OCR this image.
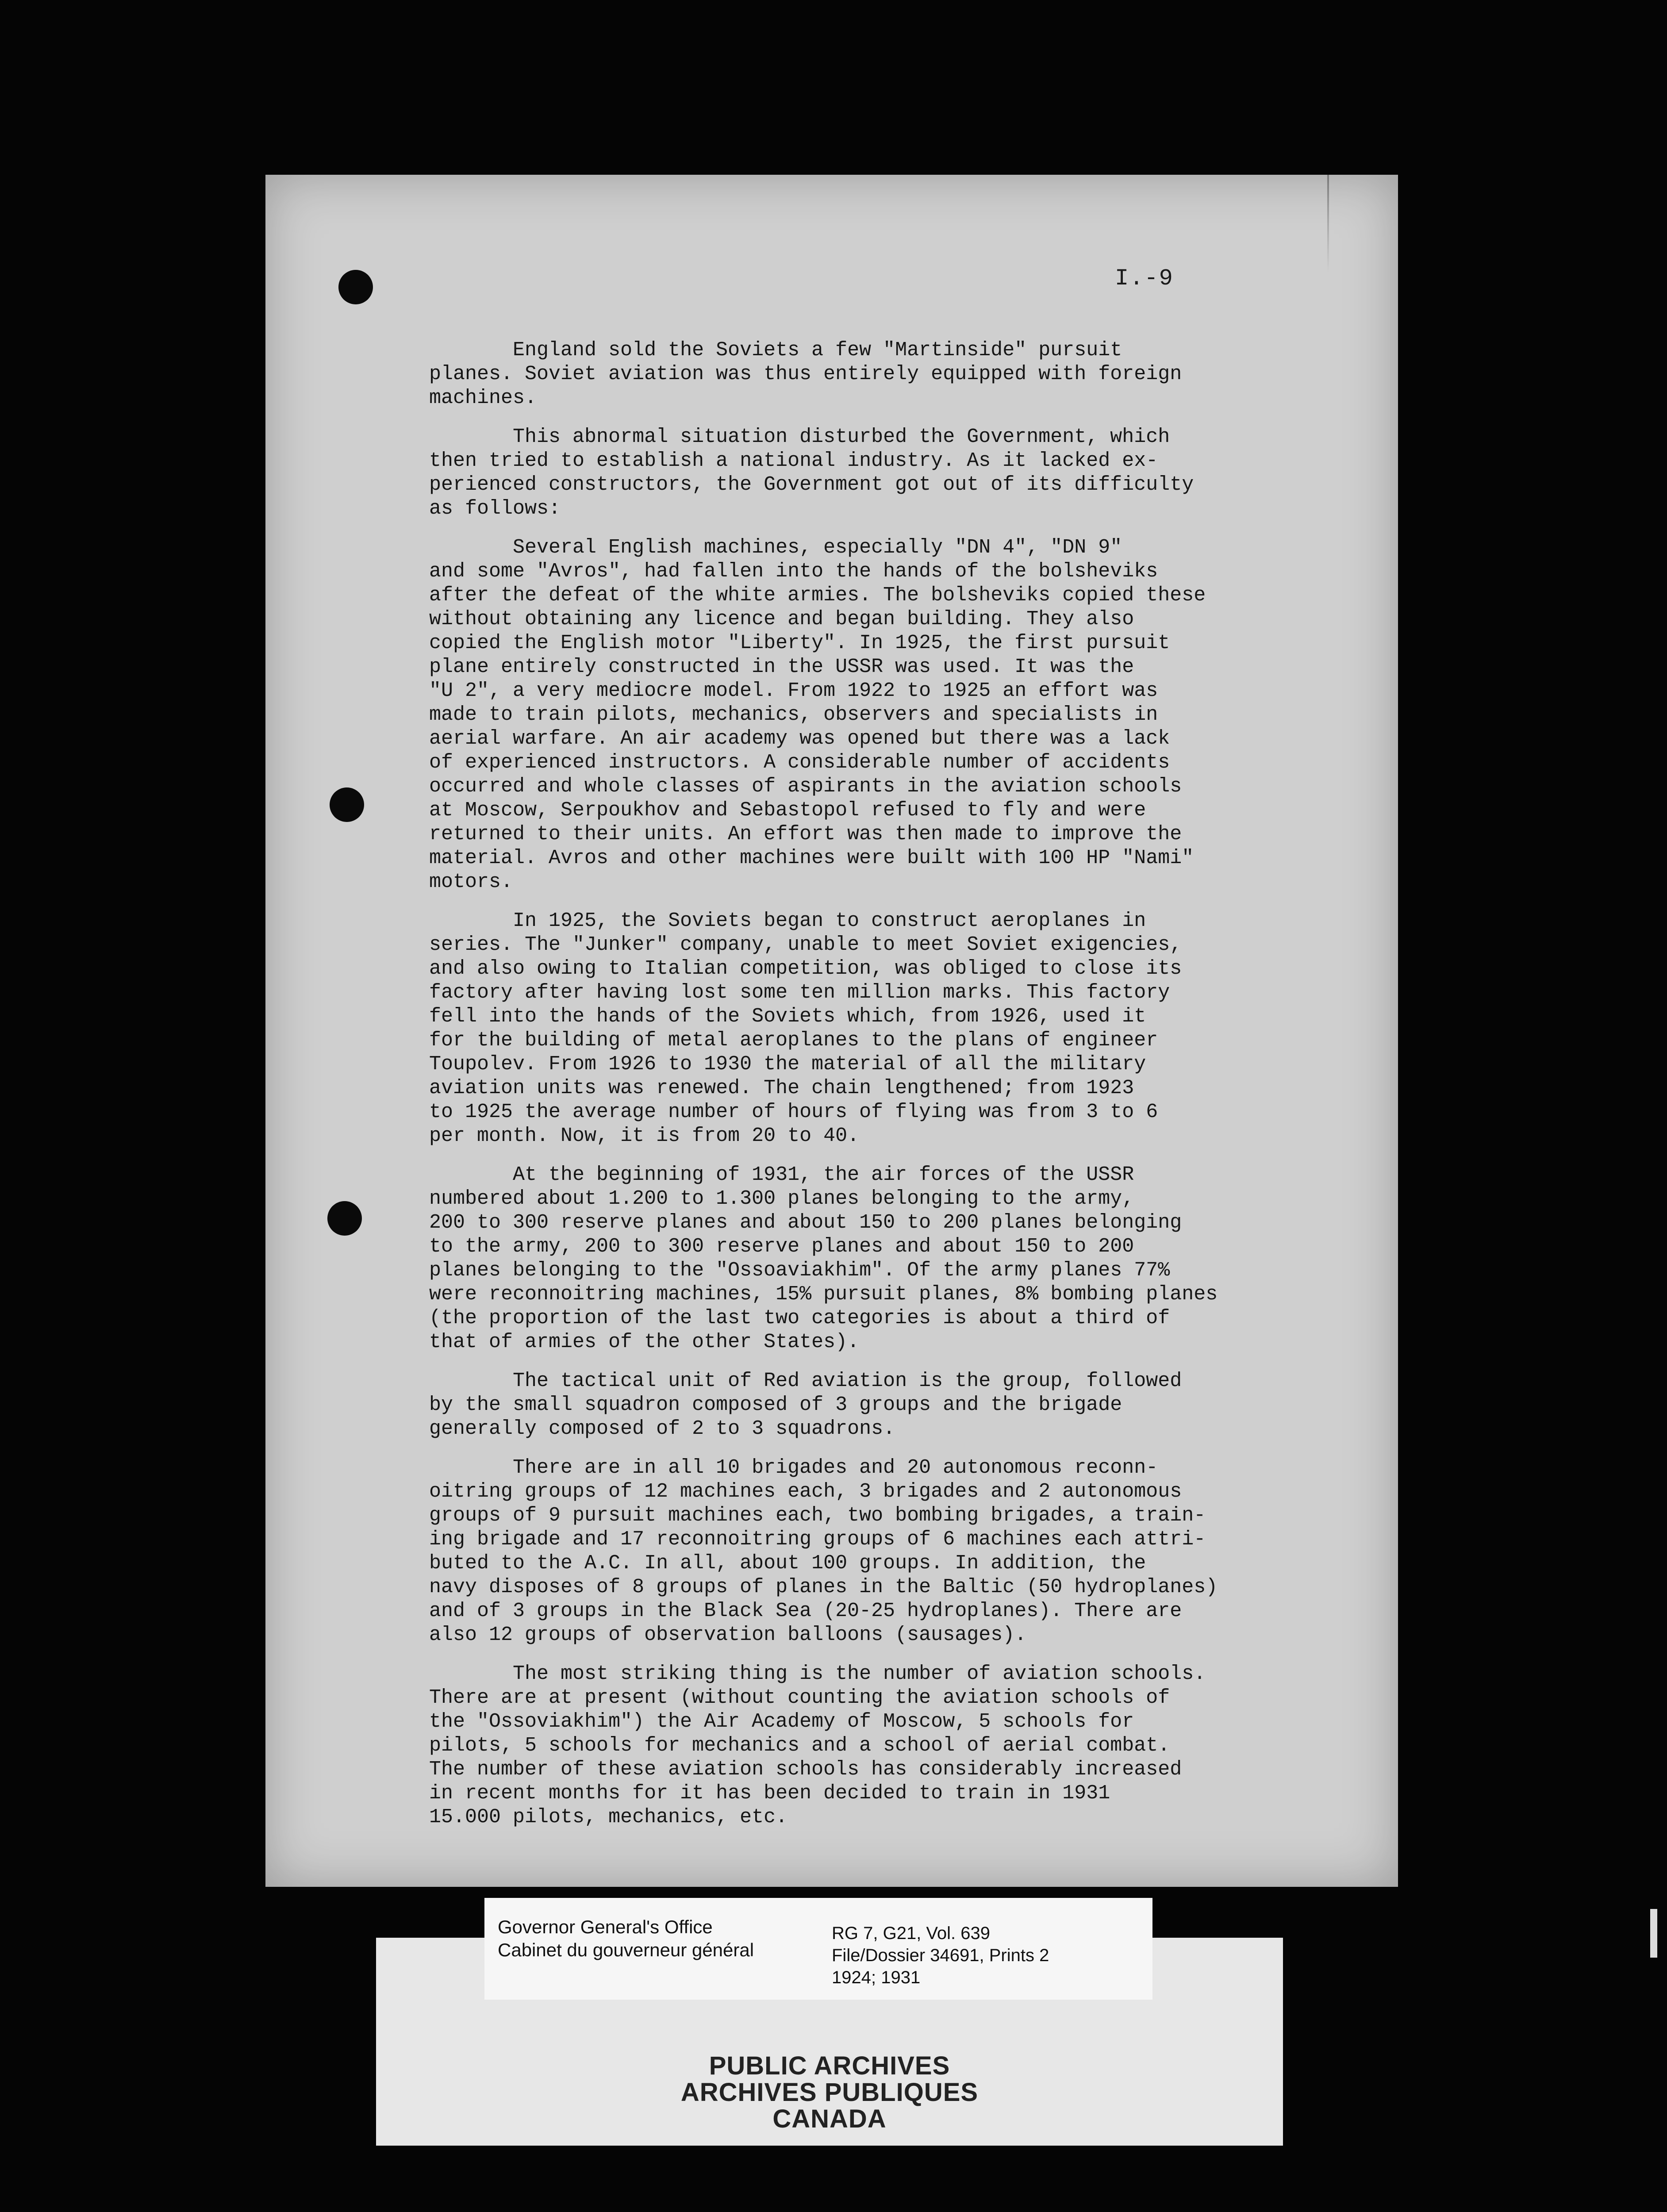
I.-9

England sold the Soviets a few "Martinside" pursuit
planes. Soviet aviation was thus entirely equipped with foreign
machines.

This abnormal situation disturbed the Government, which
then tried to establish a national industry. As it lacked ex-
perienced constructors, the Government got out of its difficulty
as follows:

Several English machines, especially "DN 4", "DN 9"
and some "Avros", had fallen into the hands of the bolsheviks
after the defeat of the white armies. The bolsheviks copied these
without obtaining any licence and began building. They also
copied the English motor "Liberty". In 1925, the first pursuit
plane entirely constructed in the USSR was used. It was the
"U 2", a very mediocre model. From 1922 to 1925 an effort was
made to train pilots, mechanics, observers and specialists in
aerial warfare. An air academy was opened but there was a lack
of experienced instructors. A considerable number of accidents
occurred and whole classes of aspirants in the aviation schools
at Moscow, Serpoukhov and Sebastopol refused to fly and were
returned to their units. An effort was then made to improve the
material. Avros and other machines were built with 100 HP "Nami"
motors.

In 1925, the Soviets began to construct aeroplanes in
series. The "Junker" company, unable to meet Soviet exigencies,
and also owing to Italian competition, was obliged to close its
factory after having lost some ten million marks. This factory
fell into the hands of the Soviets which, from 1926, used it
for the building of metal aeroplanes to the plans of engineer
Toupolev. From 1926 to 1930 the material of all the military
aviation units was renewed. The chain lengthened; from 1923
to 1925 the average number of hours of flying was from 3 to 6
per month. Now, it is from 20 to 40.

At the beginning of 1931, the air forces of the USSR
numbered about 1.200 to 1.300 planes belonging to the army,
200 to 300 reserve planes and about 150 to 200 planes belonging
to the army, 200 to 300 reserve planes and about 150 to 200
planes belonging to the "Ossoaviakhim". Of the army planes 77%
were reconnoitring machines, 15% pursuit planes, 8% bombing planes
(the proportion of the last two categories is about a third of
that of armies of the other States).

The tactical unit of Red aviation is the group, followed
by the small squadron composed of 3 groups and the brigade
generally composed of 2 to 3 squadrons.

There are in all 10 brigades and 20 autonomous reconn-
oitring groups of 12 machines each, 3 brigades and 2 autonomous
groups of 9 pursuit machines each, two bombing brigades, a train-
ing brigade and 17 reconnoitring groups of 6 machines each attri-
buted to the A.C. In all, about 100 groups. In addition, the
navy disposes of 8 groups of planes in the Baltic (50 hydroplanes)
and of 3 groups in the Black Sea (20-25 hydroplanes). There are
also 12 groups of observation balloons (sausages).

The most striking thing is the number of aviation schools.
There are at present (without counting the aviation schools of
the "Ossoviakhim") the Air Academy of Moscow, 5 schools for
pilots, 5 schools for mechanics and a school of aerial combat.
The number of these aviation schools has considerably increased
in recent months for it has been decided to train in 1931
15.000 pilots, mechanics, etc.

Governor General's Office
Cabinet du gouverneur général
RG 7, G21, Vol. 639
File/Dossier 34691, Prints 2
1924; 1931
PUBLIC ARCHIVES
ARCHIVES PUBLIQUES
CANADA
